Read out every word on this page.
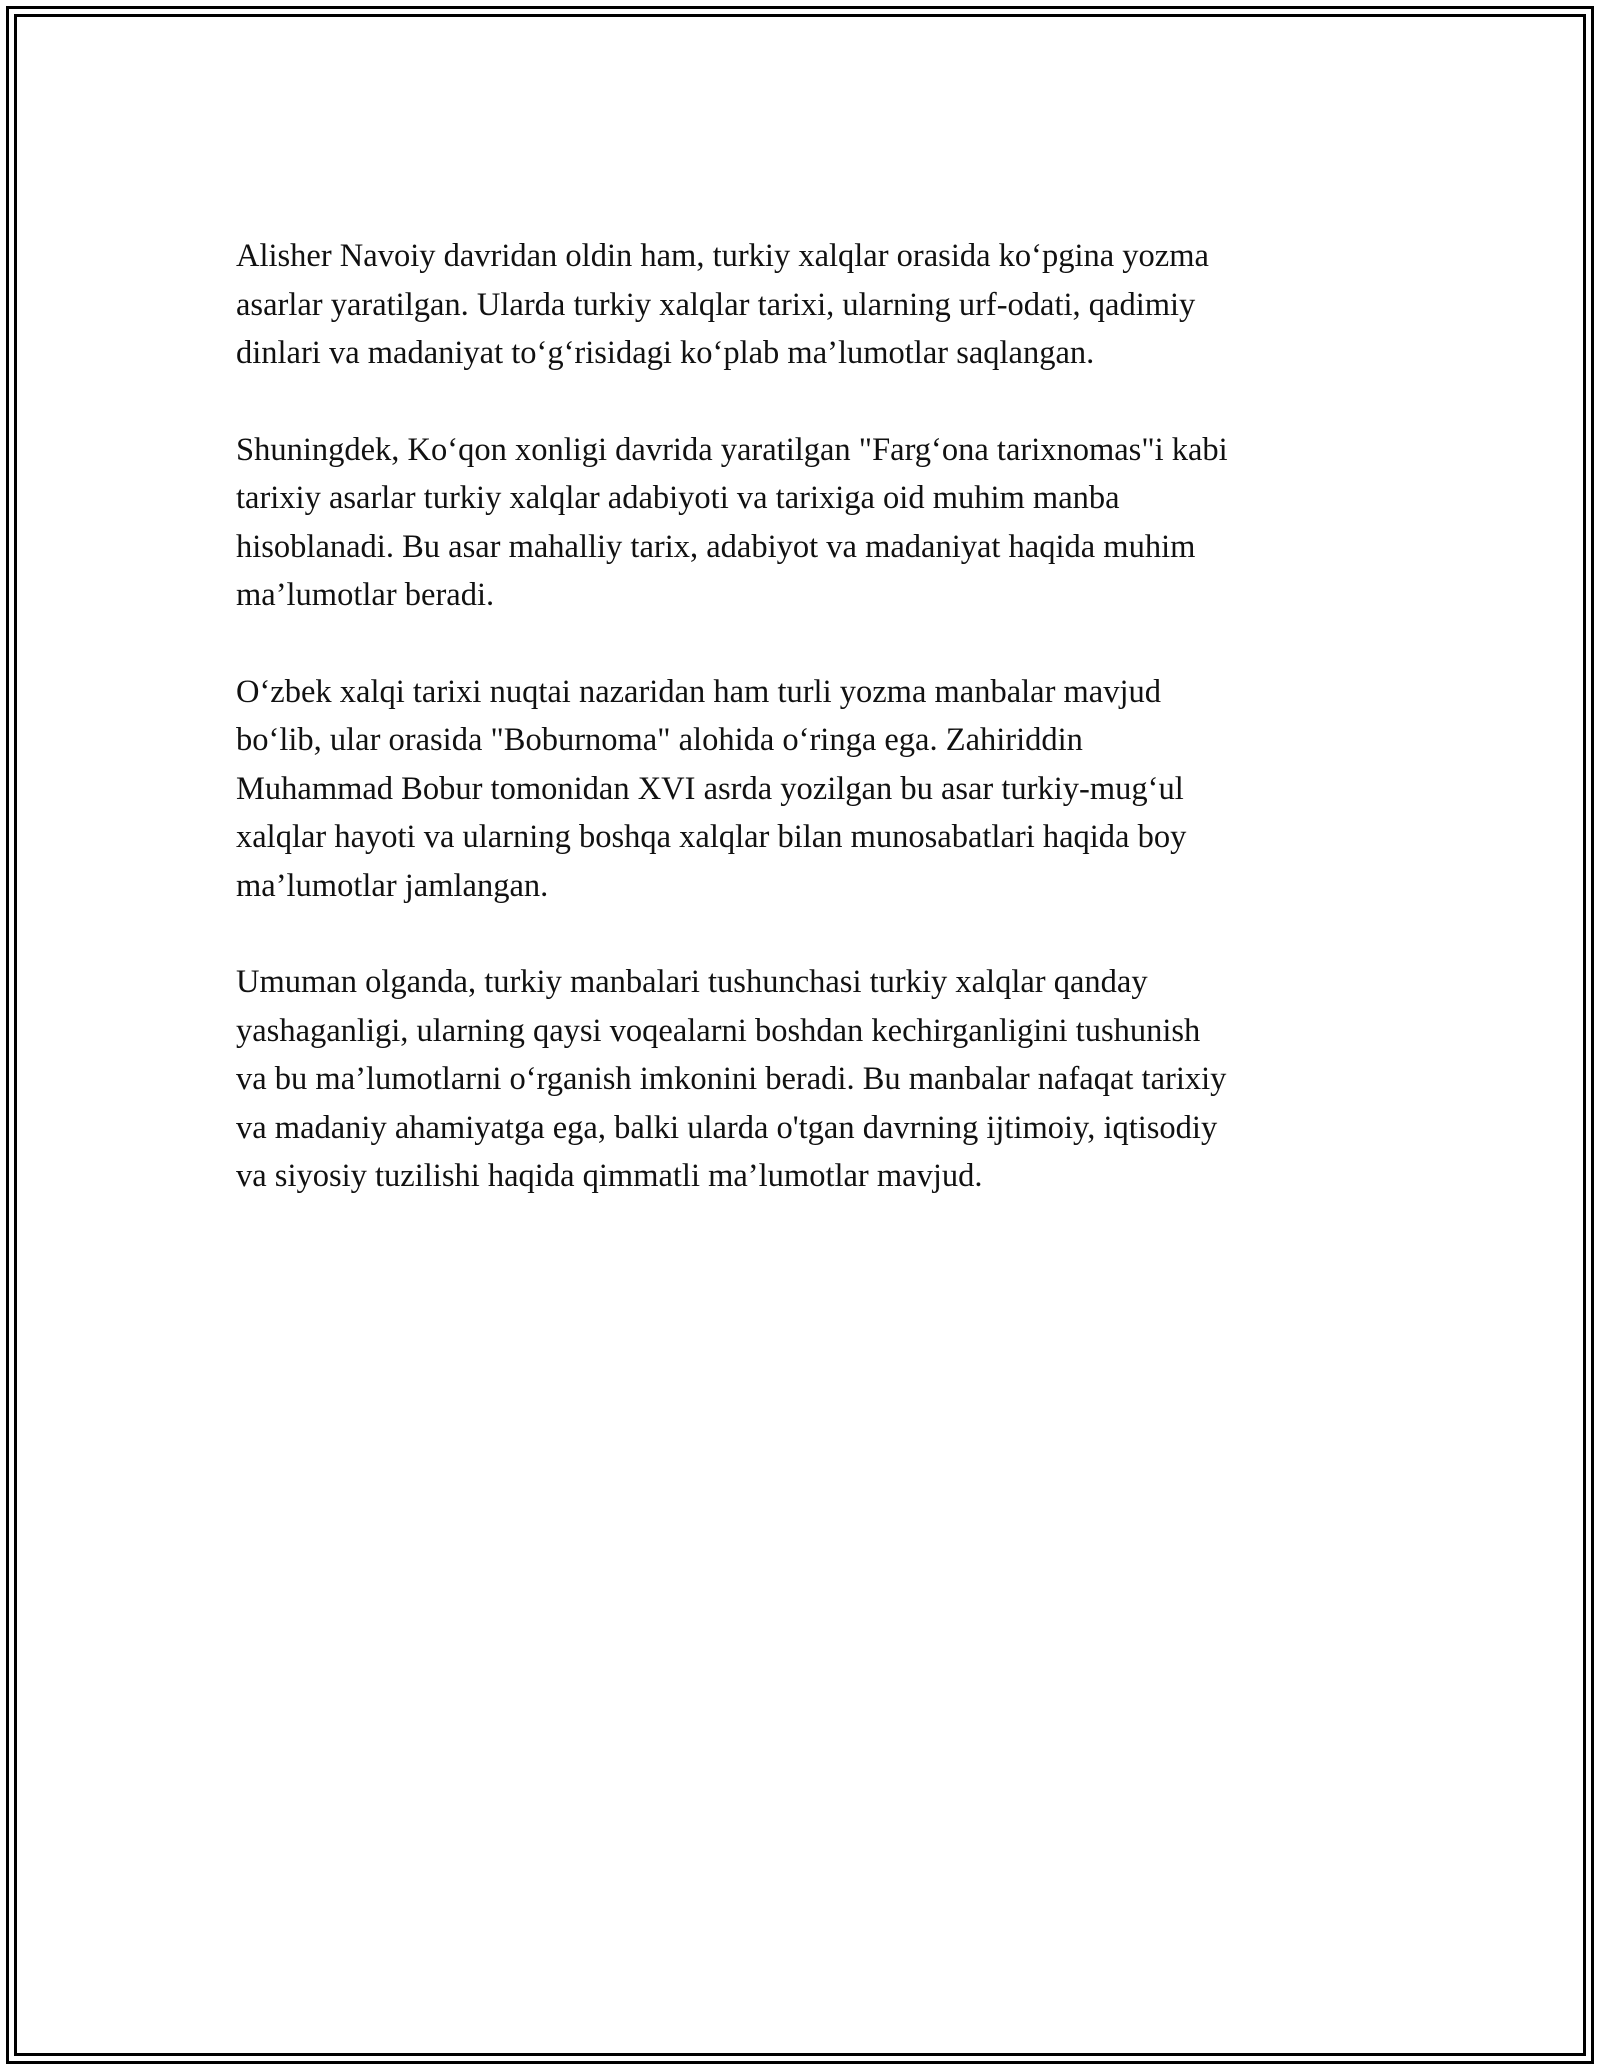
Alisher Navoiy davridan oldin ham, turkiy xalqlar orasida ko‘pgina yozma
asarlar yaratilgan. Ularda turkiy xalqlar tarixi, ularning urf-odati, qadimiy
dinlari va madaniyat to‘g‘risidagi ko‘plab ma’lumotlar saqlangan.

Shuningdek, Ko‘qon xonligi davrida yaratilgan "Farg‘ona tarixnomas"i kabi
tarixiy asarlar turkiy xalqlar adabiyoti va tarixiga oid muhim manba
hisoblanadi. Bu asar mahalliy tarix, adabiyot va madaniyat haqida muhim
ma’lumotlar beradi.

O‘zbek xalqi tarixi nuqtai nazaridan ham turli yozma manbalar mavjud
bo‘lib, ular orasida "Boburnoma" alohida o‘ringa ega. Zahiriddin
Muhammad Bobur tomonidan XVI asrda yozilgan bu asar turkiy-mug‘ul
xalqlar hayoti va ularning boshqa xalqlar bilan munosabatlari haqida boy
ma’lumotlar jamlangan.

Umuman olganda, turkiy manbalari tushunchasi turkiy xalqlar qanday
yashaganligi, ularning qaysi voqealarni boshdan kechirganligini tushunish
va bu ma’lumotlarni o‘rganish imkonini beradi. Bu manbalar nafaqat tarixiy
va madaniy ahamiyatga ega, balki ularda o'tgan davrning ijtimoiy, iqtisodiy
va siyosiy tuzilishi haqida qimmatli ma’lumotlar mavjud.
